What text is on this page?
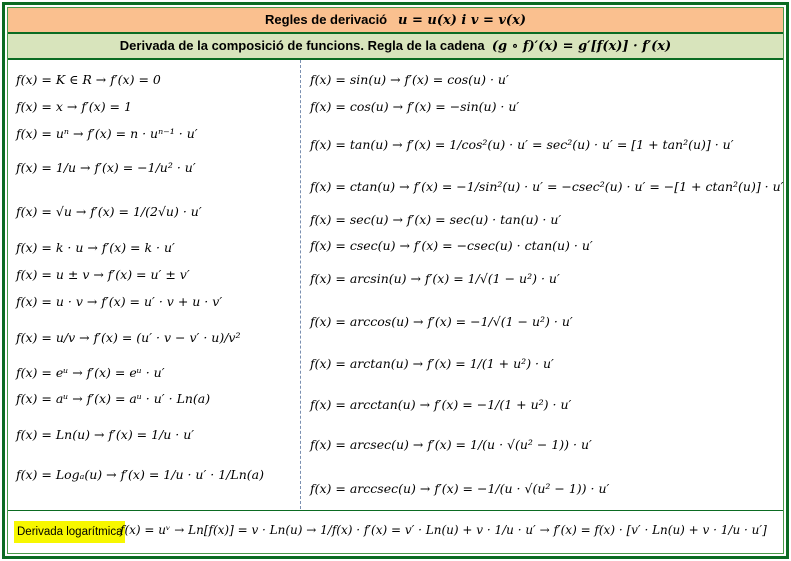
Regles de derivació u = u(x) i v = v(x)
Derivada de la composició de funcions. Regla de la cadena (g ∘ f)′(x) = g′[f(x)] · f′(x)
f(x) = K ∈ R → f′(x) = 0
f(x) = x → f′(x) = 1
f(x) = uⁿ → f′(x) = n · uⁿ⁻¹ · u′
f(x) = 1/u → f′(x) = −1/u² · u′
f(x) = √u → f′(x) = 1/(2√u) · u′
f(x) = k · u → f′(x) = k · u′
f(x) = u ± v → f′(x) = u′ ± v′
f(x) = u · v → f′(x) = u′ · v + u · v′
f(x) = u/v → f′(x) = (u′ · v − v′ · u)/v²
f(x) = eᵘ → f′(x) = eᵘ · u′
f(x) = aᵘ → f′(x) = aᵘ · u′ · Ln(a)
f(x) = Ln(u) → f′(x) = 1/u · u′
f(x) = Logₐ(u) → f′(x) = 1/u · u′ · 1/Ln(a)
f(x) = sin(u) → f′(x) = cos(u) · u′
f(x) = cos(u) → f′(x) = −sin(u) · u′
f(x) = tan(u) → f′(x) = 1/cos²(u) · u′ = sec²(u) · u′ = [1 + tan²(u)] · u′
f(x) = ctan(u) → f′(x) = −1/sin²(u) · u′ = −csec²(u) · u′ = −[1 + ctan²(u)] · u′
f(x) = sec(u) → f′(x) = sec(u) · tan(u) · u′
f(x) = csec(u) → f′(x) = −csec(u) · ctan(u) · u′
f(x) = arcsin(u) → f′(x) = 1/√(1 − u²) · u′
f(x) = arccos(u) → f′(x) = −1/√(1 − u²) · u′
f(x) = arctan(u) → f′(x) = 1/(1 + u²) · u′
f(x) = arcctan(u) → f′(x) = −1/(1 + u²) · u′
f(x) = arcsec(u) → f′(x) = 1/(u · √(u² − 1)) · u′
f(x) = arccsec(u) → f′(x) = −1/(u · √(u² − 1)) · u′
Derivada logarítmica
f(x) = uᵛ → Ln[f(x)] = v · Ln(u) → 1/f(x) · f′(x) = v′ · Ln(u) + v · 1/u · u′ → f′(x) = f(x) · [v′ · Ln(u) + v · 1/u · u′]
